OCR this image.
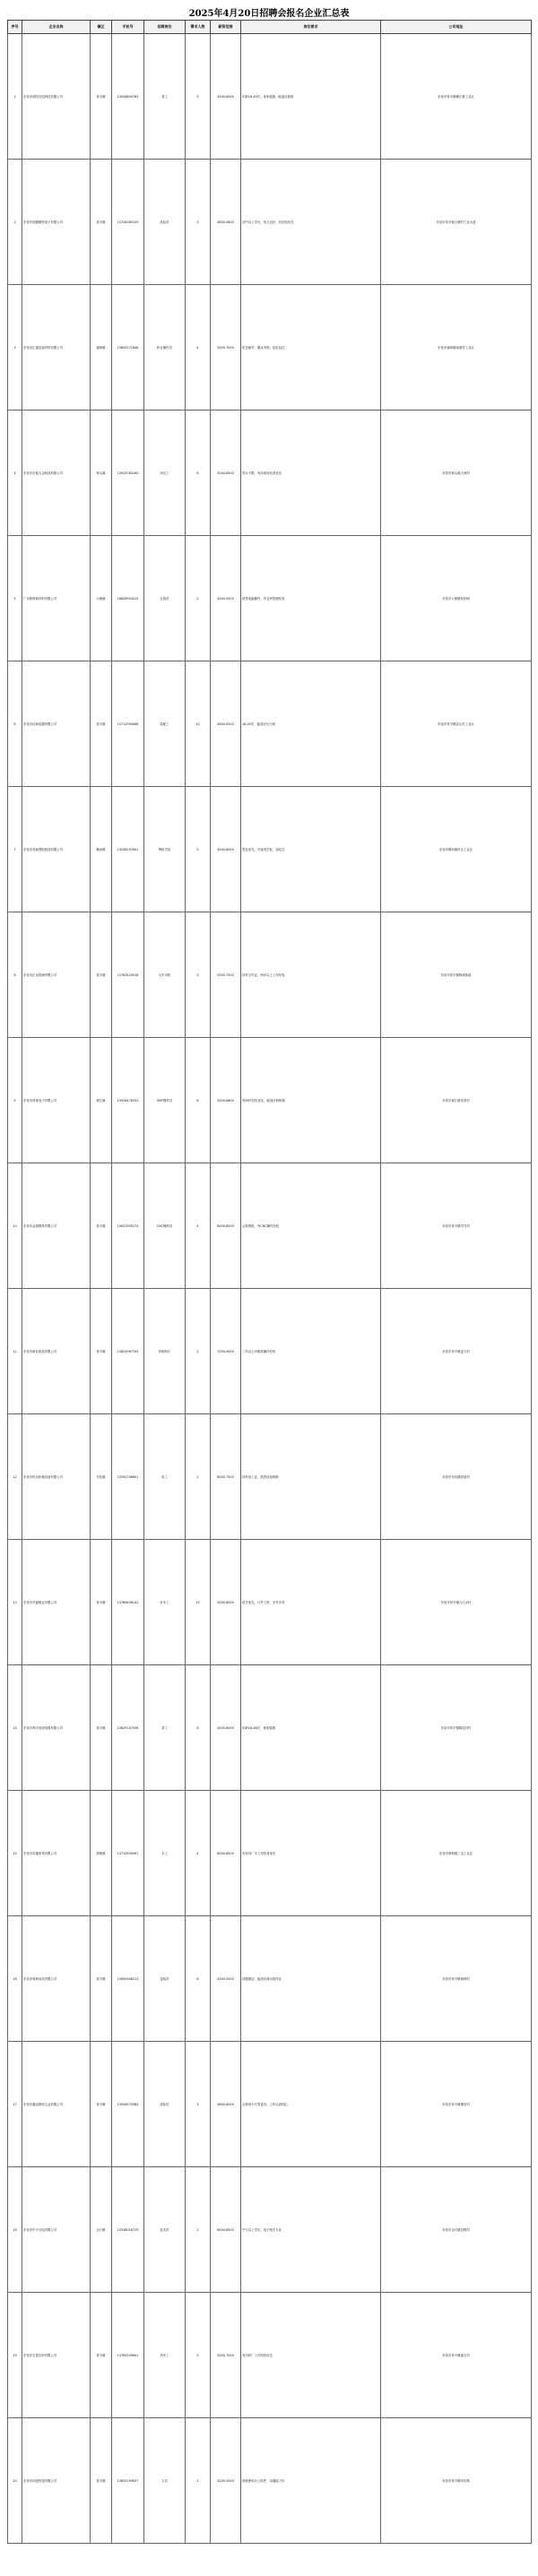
2025年4月20日招聘会报名企业汇总表
序号	企业名称	镇区	手机号	招聘岗位	需求人数	薪资范围	岗位要求	公司地址
1	东莞市欣阳光电科技有限公司	常平镇	13926840783	普工	5	4500-6000	年龄18-45岁，身体健康，能适应倒班	东莞市常平镇横江厦工业区
2	东莞市瑞德精密电子有限公司	常平镇	13728365109	品检员	3	4800-5800	初中以上学历，视力良好，有经验优先	东莞市常平镇土塘村工业大道
3	东莞市汇通包装材料有限公司	谢岗镇	13650271846	机台操作员	4	5000-7000	吃苦耐劳，服从安排，包吃包住	东莞市谢岗镇南面村工业区
4	东莞市宏盛五金制品有限公司	桥头镇	13925783160	冲压工	6	5000-6500	男女不限，有冲床经验者优先	东莞市桥头镇大洲村
5	广东联科新材料有限公司	大朗镇	18826903415	仓管员	2	4500-5500	熟悉电脑操作，有仓库管理经验	东莞市大朗镇松柏朗
6	东莞市佳和电器有限公司	常平镇	13712594086	装配工	10	4600-6200	18-45岁，能适应长白班	东莞市常平镇袁山贝工业区
7	东莞市美嘉塑胶制品有限公司	横沥镇	13538297601	啤机学徒	5	4500-6000	男性优先，可接受学徒，包吃住	东莞市横沥镇村头工业区
8	东莞市正达物流有限公司	常平镇	13763420518	叉车司机	3	5500-7500	持有叉车证，两年以上工作经验	东莞市常平镇物流基地
9	东莞市科莱电子有限公司	黄江镇	13926478352	SMT操作员	6	5000-6800	有SMT经验优先，能适应两班倒	东莞市黄江镇田美村
10	东莞市金源模具有限公司	常平镇	13631905274	CNC操机员	4	6000-8000	会看图纸，有CNC操作经验	东莞市常平镇司马村
11	东莞市新亚纸品有限公司	常平镇	13825067193	印刷机长	2	7000-9000	三年以上印刷机操作经验	东莞市常平镇麦元村
12	东莞市恒达机械设备有限公司	东坑镇	13592746801	电工	2	6000-7500	持有电工证，熟悉设备维修	东莞市东坑镇彭屋村
13	东莞市华盛鞋业有限公司	常平镇	13760839142	针车工	15	5000-8000	熟手优先，计件工资，多劳多得	东莞市常平镇九江水村
14	东莞市利丰电线电缆有限公司	常平镇	13829147056	普工	8	4500-6000	年龄18-48岁，身体健康	东莞市常平镇陈屋贝村
15	东莞市卓越家具有限公司	厚街镇	13712630497	木工	4	6000-8500	有家具厂木工经验者优先	东莞市厚街镇三屯工业区
16	东莞市粤海食品有限公司	常平镇	13650948213	包装员	6	4300-5500	持健康证，能适应流水线作业	东莞市常平镇朗洲村
17	东莞市鑫达精密五金有限公司	常平镇	13926570384	质检员	3	4800-6000	会使用卡尺等量具，工作认真细心	东莞市常平镇漱旧村
18	东莞市中天光电有限公司	企石镇	13538016729	技术员	2	6500-8500	中专以上学历，电子相关专业	东莞市企石镇旧围村
19	东莞市宝盈纺织有限公司	常平镇	13763209841	挡车工	5	5000-7000	有纺织厂工作经验优先	东莞市常平镇板石村
20	东莞市同创科技有限公司	常平镇	13825190637	文员	1	4200-5000	熟练使用办公软件，沟通能力好	东莞市常平镇常东路
